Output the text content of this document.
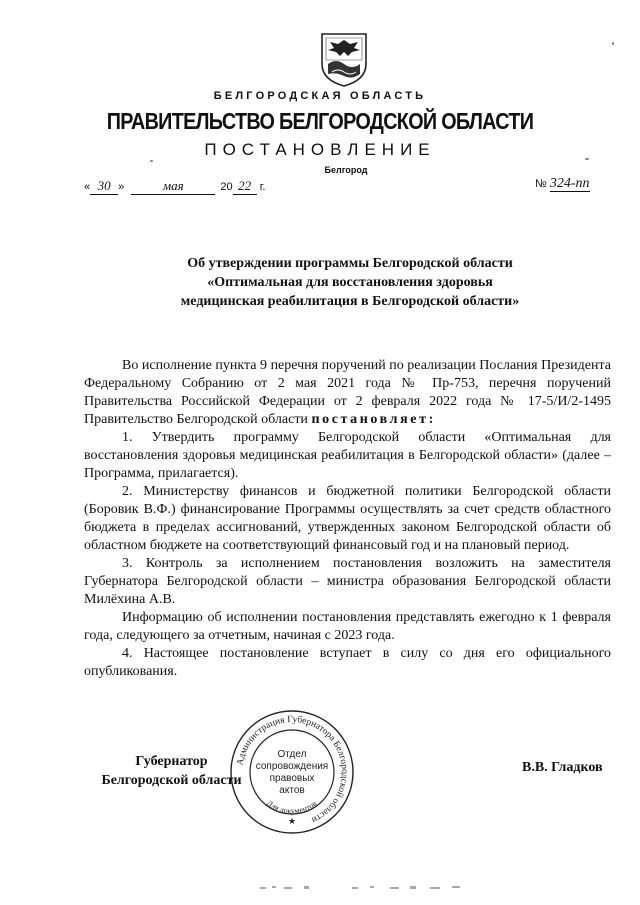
БЕЛГОРОДСКАЯ ОБЛАСТЬ
ПРАВИТЕЛЬСТВО БЕЛГОРОДСКОЙ ОБЛАСТИ
ПОСТАНОВЛЕНИЕ
Белгород
« 30 »	мая	20 22 г.	№ 324-пп
Об утверждении программы Белгородской области
«Оптимальная для восстановления здоровья
медицинская реабилитация в Белгородской области»

Во исполнение пункта 9 перечня поручений по реализации Послания Президента Федеральному Собранию от 2 мая 2021 года № Пр-753, перечня поручений Правительства Российской Федерации от 2 февраля 2022 года № 17-5/И/2-1495 Правительство Белгородской области постановляет:

1. Утвердить программу Белгородской области «Оптимальная для восстановления здоровья медицинская реабилитация в Белгородской области» (далее – Программа, прилагается).

2. Министерству финансов и бюджетной политики Белгородской области (Боровик В.Ф.) финансирование Программы осуществлять за счет средств областного бюджета в пределах ассигнований, утвержденных законом Белгородской области об областном бюджете на соответствующий финансовый год и на плановый период.

3. Контроль за исполнением постановления возложить на заместителя Губернатора Белгородской области – министра образования Белгородской области Милёхина А.В.

Информацию об исполнении постановления представлять ежегодно к 1 февраля года, следующего за отчетным, начиная с 2023 года.

4. Настоящее постановление вступает в силу со дня его официального опубликования.

Губернатор
Белгородской области
В.В. Гладков
Администрация Губернатора Белгородской области
Для документов
Отдел
сопровождения
правовых
актов
★
